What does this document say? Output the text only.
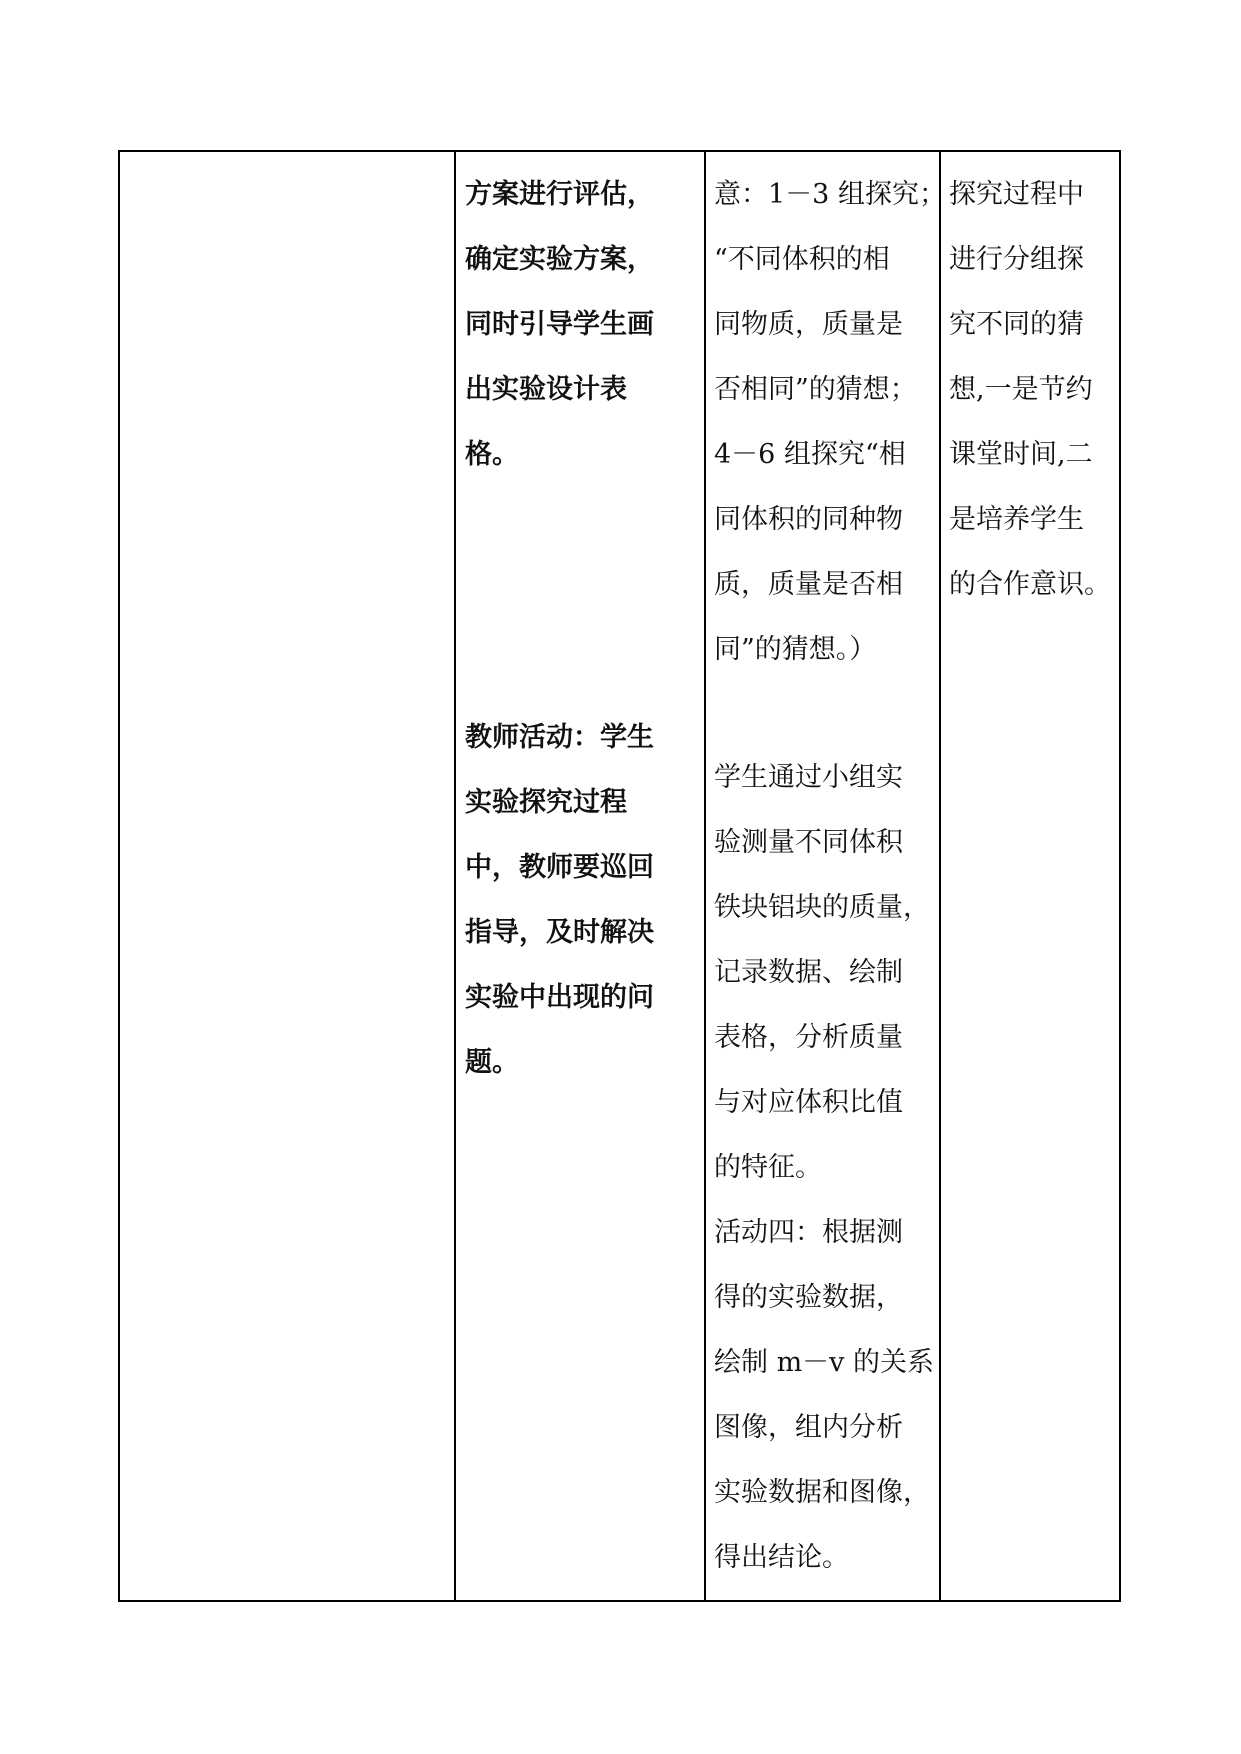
方案进行评估，
确定实验方案，
同时引导学生画
出实验设计表
格。
教师活动：学生
实验探究过程
中，教师要巡回
指导，及时解决
实验中出现的问
题。
意：1－3 组探究；
“不同体积的相
同物质，质量是
否相同”的猜想；
4－6 组探究“相
同体积的同种物
质，质量是否相
同”的猜想。）
学生通过小组实
验测量不同体积
铁块铝块的质量，
记录数据、绘制
表格，分析质量
与对应体积比值
的特征。
活动四：根据测
得的实验数据，
绘制 m－v 的关系
图像，组内分析
实验数据和图像，
得出结论。
探究过程中
进行分组探
究不同的猜
想,一是节约
课堂时间,二
是培养学生
的合作意识。
